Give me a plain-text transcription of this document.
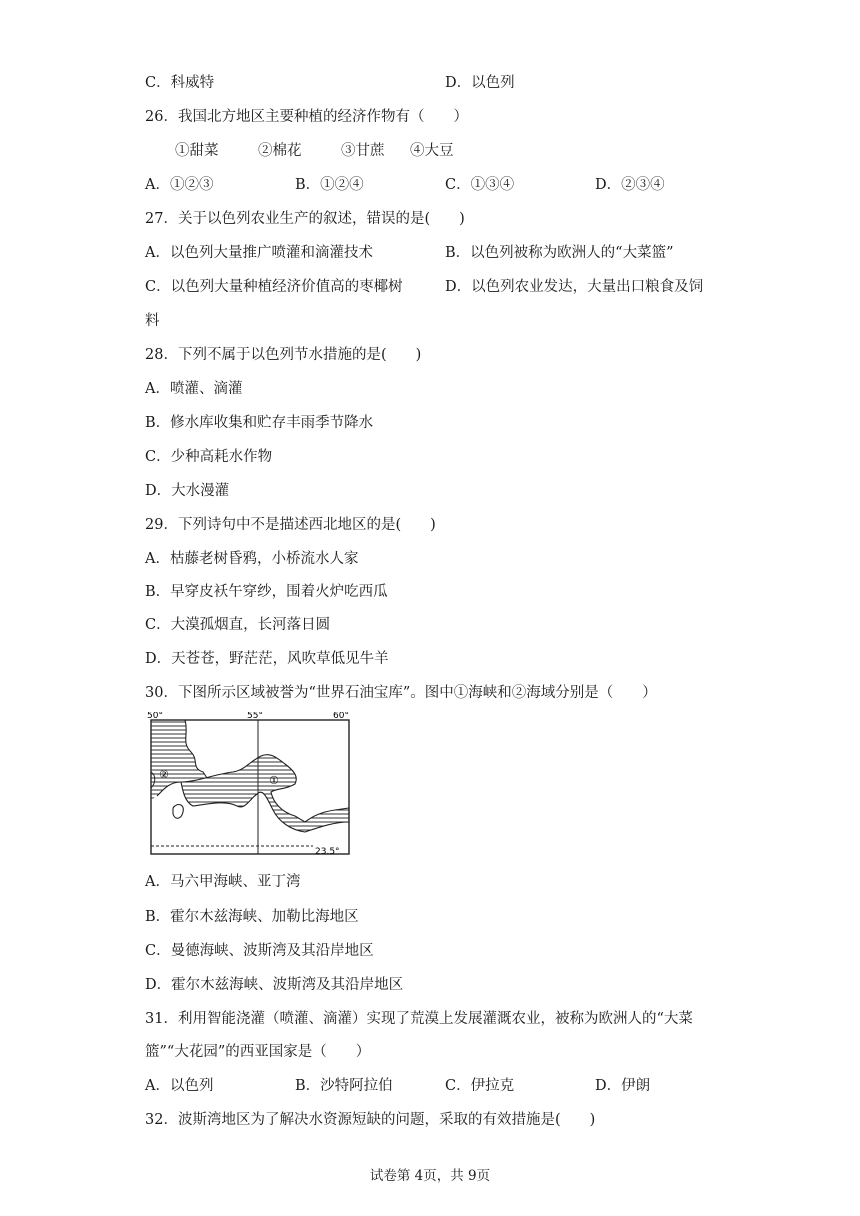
C．科威特	D．以色列
26．我国北方地区主要种植的经济作物有（　　）
①甜菜	②棉花	③甘蔗 ④大豆
A．①②③	B．①②④	C．①③④	D．②③④
27．关于以色列农业生产的叙述，错误的是(　　)
A．以色列大量推广喷灌和滴灌技术	B．以色列被称为欧洲人的“大菜篮”
C．以色列大量种植经济价值高的枣椰树	D．以色列农业发达，大量出口粮食及饲
料
28．下列不属于以色列节水措施的是(　　)
A．喷灌、滴灌
B．修水库收集和贮存丰雨季节降水
C．少种高耗水作物
D．大水漫灌
29．下列诗句中不是描述西北地区的是(　　)
A．枯藤老树昏鸦，小桥流水人家
B．早穿皮袄午穿纱，围着火炉吃西瓜
C．大漠孤烟直，长河落日圆
D．天苍苍，野茫茫，风吹草低见牛羊
30．下图所示区域被誉为“世界石油宝库”。图中①海峡和②海域分别是（　　）
50°	55°	60°
23.5°
①
②
A．马六甲海峡、亚丁湾
B．霍尔木兹海峡、加勒比海地区
C．曼德海峡、波斯湾及其沿岸地区
D．霍尔木兹海峡、波斯湾及其沿岸地区
31．利用智能浇灌（喷灌、滴灌）实现了荒漠上发展灌溉农业，被称为欧洲人的“大菜
篮”“大花园”的西亚国家是（　　）
A．以色列	B．沙特阿拉伯	C．伊拉克	D．伊朗
32．波斯湾地区为了解决水资源短缺的问题，采取的有效措施是(　　)
试卷第 4页，共 9页
